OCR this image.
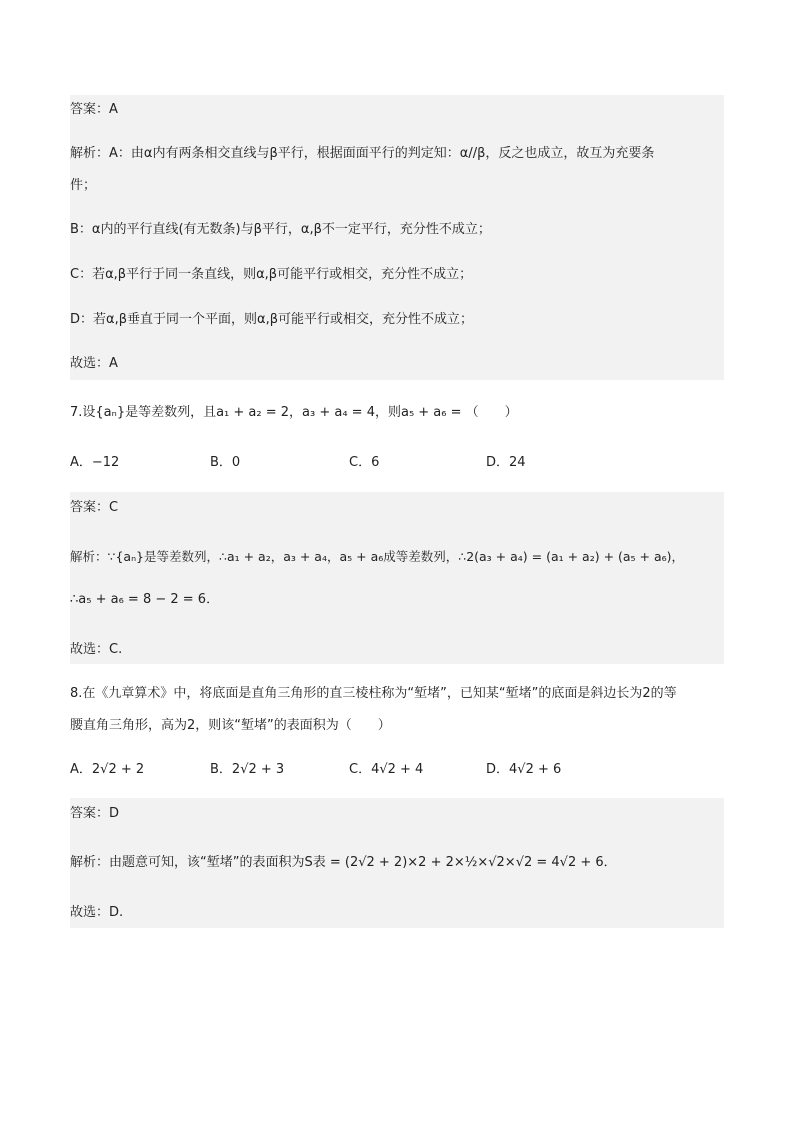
答案：A
解析：A：由α内有两条相交直线与β平行，根据面面平行的判定知：α//β，反之也成立，故互为充要条
件；
B：α内的平行直线(有无数条)与β平行，α,β不一定平行，充分性不成立；
C：若α,β平行于同一条直线，则α,β可能平行或相交，充分性不成立；
D：若α,β垂直于同一个平面，则α,β可能平行或相交，充分性不成立；
故选：A
7.设{aₙ}是等差数列，且a₁ + a₂ = 2，a₃ + a₄ = 4，则a₅ + a₆ = （　　）
A．−12	B．0	C．6	D．24
答案：C
解析：∵{aₙ}是等差数列，∴a₁ + a₂，a₃ + a₄，a₅ + a₆成等差数列，∴2(a₃ + a₄) = (a₁ + a₂) + (a₅ + a₆)，
∴a₅ + a₆ = 8 − 2 = 6．
故选：C.
8.在《九章算术》中，将底面是直角三角形的直三棱柱称为“堑堵”，已知某“堑堵”的底面是斜边长为2的等
腰直角三角形，高为2，则该“堑堵”的表面积为（　　）
A．2√2 + 2	B．2√2 + 3	C．4√2 + 4	D．4√2 + 6
答案：D
解析：由题意可知，该“堑堵”的表面积为S表 = (2√2 + 2)×2 + 2×½×√2×√2 = 4√2 + 6．
故选：D.
